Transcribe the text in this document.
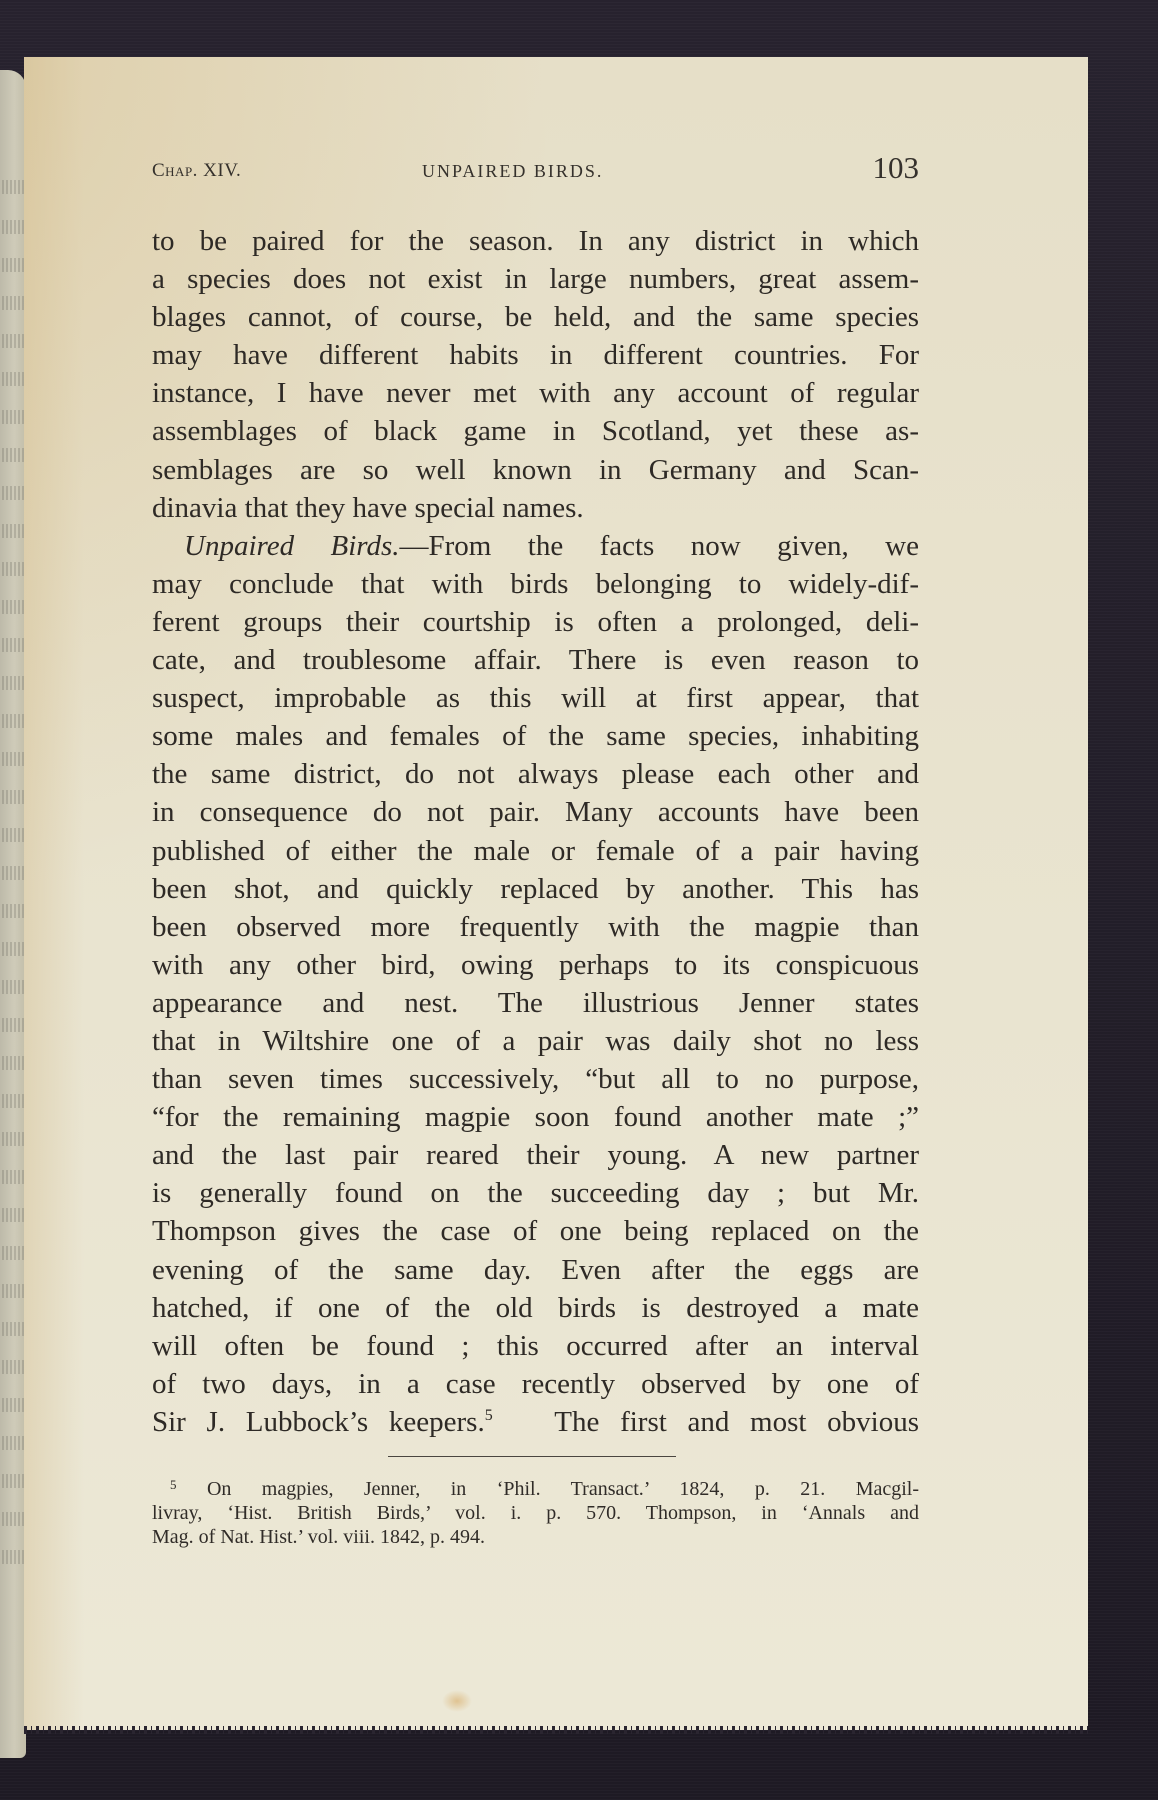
Chap. XIV.	UNPAIRED BIRDS.	103
to be paired for the season. In any district in which
a species does not exist in large numbers, great assem-
blages cannot, of course, be held, and the same species
may have different habits in different countries. For
instance, I have never met with any account of regular
assemblages of black game in Scotland, yet these as-
semblages are so well known in Germany and Scan-
dinavia that they have special names.
Unpaired Birds.—From the facts now given, we
may conclude that with birds belonging to widely-dif-
ferent groups their courtship is often a prolonged, deli-
cate, and troublesome affair. There is even reason to
suspect, improbable as this will at first appear, that
some males and females of the same species, inhabiting
the same district, do not always please each other and
in consequence do not pair. Many accounts have been
published of either the male or female of a pair having
been shot, and quickly replaced by another. This has
been observed more frequently with the magpie than
with any other bird, owing perhaps to its conspicuous
appearance and nest. The illustrious Jenner states
that in Wiltshire one of a pair was daily shot no less
than seven times successively, “but all to no purpose,
“for the remaining magpie soon found another mate ;”
and the last pair reared their young. A new partner
is generally found on the succeeding day ; but Mr.
Thompson gives the case of one being replaced on the
evening of the same day. Even after the eggs are
hatched, if one of the old birds is destroyed a mate
will often be found ; this occurred after an interval
of two days, in a case recently observed by one of
Sir J. Lubbock’s keepers.$^5$ The first and most obvious
$^5$ On magpies, Jenner, in ‘Phil. Transact.’ 1824, p. 21. Macgil-
livray, ‘Hist. British Birds,’ vol. i. p. 570. Thompson, in ‘Annals and
Mag. of Nat. Hist.’ vol. viii. 1842, p. 494.
